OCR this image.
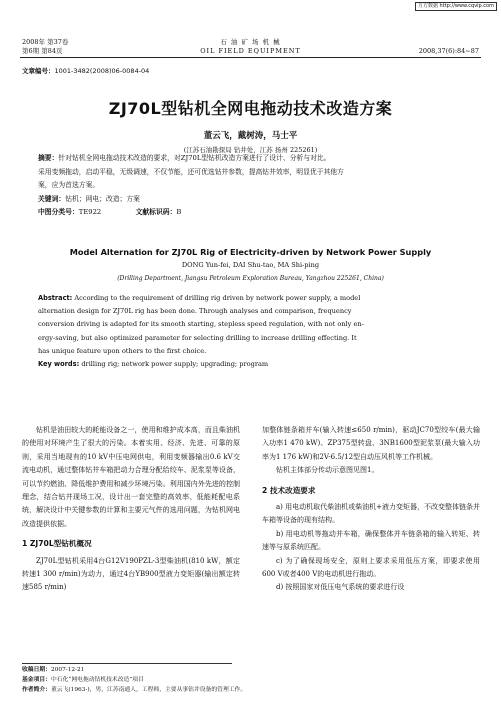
万方数据 http://www.cqvip.com
2008年 第37卷
第6期 第84页
石 油 矿 场 机 械
OIL FIELD EQUIPMENT	2008,37(6):84~87
文章编号：1001-3482(2008)06-0084-04
ZJ70L型钻机全网电拖动技术改造方案
董云飞，戴树涛，马士平
(江苏石油勘探局 钻井处，江苏 扬州 225261)
摘要：针对钻机全网电拖动技术改造的要求，对ZJ70L型钻机改造方案进行了设计、分析与对比。
采用变频拖动，启动平稳，无级调速，不仅节能，还可优选钻井参数，提高钻井效率，明显优于其他方
案，应为首选方案。
关键词：钻机；网电；改造；方案
中图分类号：TE922	文献标识码：B
Model Alternation for ZJ70L Rig of Electricity-driven by Network Power Supply
DONG Yun-fei, DAI Shu-tao, MA Shi-ping
(Drilling Department, Jiangsu Petroleum Exploration Bureau, Yangzhou 225261, China)
Abstract: According to the requirement of drilling rig driven by network power supply, a model
alternation design for ZJ70L rig has been done. Through analyses and comparison, frequency
conversion driving is adapted for its smooth starting, stepless speed regulation, with not only en-
ergy-saving, but also optimized parameter for selecting drilling to increase drilling effecting. It
has unique feature upon others to the first choice.
Key words: drilling rig; network power supply; upgrading; program

钻机是油田较大的耗能设备之一，使用和维护成本高，而且柴油机的使用对环境产生了很大的污染。本着实用、经济、先进、可靠的原则，采用当地现有的10 kV中压电网供电，利用变频器输出0.6 kV交流电动机，通过整体钻井车箱把动力合理分配给绞车、泥浆泵等设备，可以节约燃油、降低维护费用和减少环境污染。利用国内外先进的控制理念，结合钻井现场工况，设计出一套完整的高效率、低能耗配电系统，解决设计中关键参数的计算和主要元气件的选用问题，为钻机网电改造提供依据。

1 ZJ70L型钻机概况

ZJ70L型钻机采用4台G12V190PZL-3型柴油机(810 kW，额定转速1 300 r/min)为动力，通过4台YB900型液力变矩器(输出额定转速585 r/min)

加整体链条箱并车(输入转速≤650 r/min)，驱动JC70型绞车(最大输入功率1 470 kW)、ZP375型转盘、3NB1600型泥浆泵(最大输入功率为1 176 kW)和2V-6.5/12型自动压风机等工作机械。

钻机主体部分传动示意图见图1。

2 技术改造要求

a) 用电动机取代柴油机或柴油机+液力变矩器，不改变整体链条并车箱等设备的现有结构。

b) 用电动机等拖动并车箱，确保整体并车链条箱的输入转矩、转速等与原系统匹配。

c) 为了确保现场安全，原则上要求采用低压方案，即要求使用600 V或者400 V的电动机进行拖动。

d) 按照国家对低压电气系统的要求进行设

收稿日期：2007-12-21
基金项目：中石化“网电拖动钻机技术改造”项目
作者简介：董云飞(1963-)，男，江苏南通人，工程师，主要从事钻井设备的管理工作。
